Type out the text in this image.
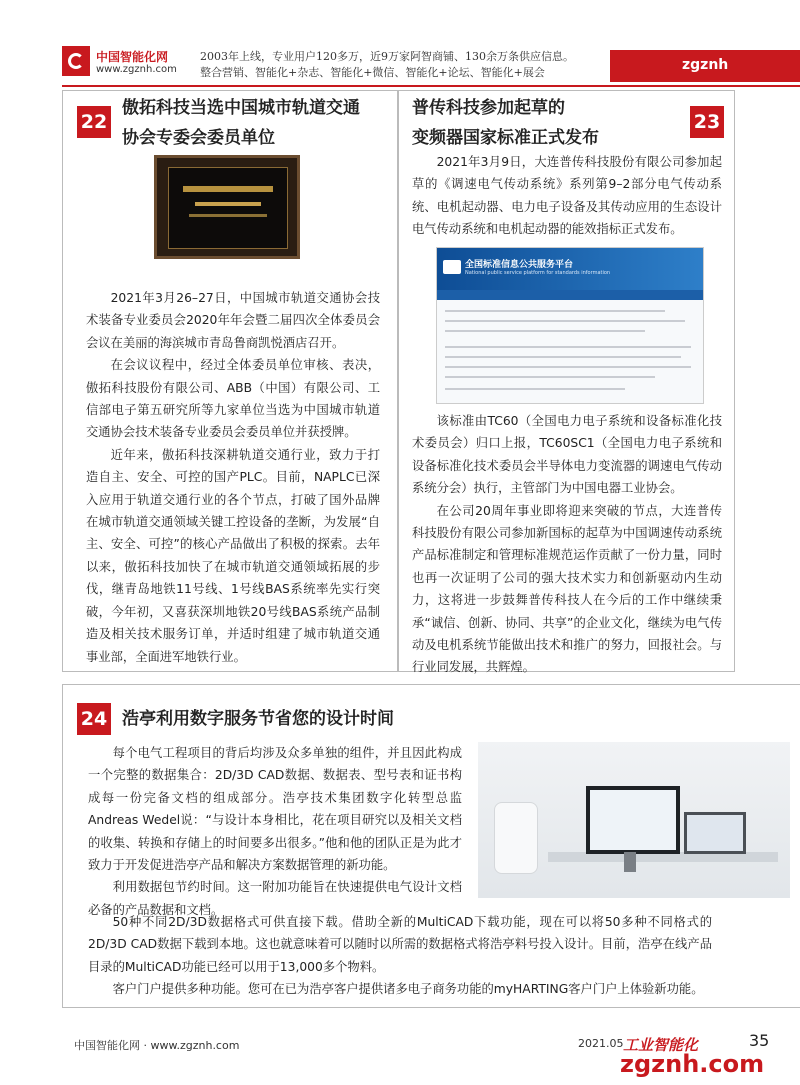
中国智能化网
www.zgznh.com
2003年上线，专业用户120多万，近9万家阿智商铺、130余万条供应信息。
整合营销、智能化+杂志、智能化+微信、智能化+论坛、智能化+展会	zgznh
22
傲拓科技当选中国城市轨道交通
协会专委会委员单位

2021年3月26–27日，中国城市轨道交通协会技术装备专业委员会2020年年会暨二届四次全体委员会会议在美丽的海滨城市青岛鲁商凯悦酒店召开。

在会议议程中，经过全体委员单位审核、表决，傲拓科技股份有限公司、ABB（中国）有限公司、工信部电子第五研究所等九家单位当选为中国城市轨道交通协会技术装备专业委员会委员单位并获授牌。

近年来，傲拓科技深耕轨道交通行业，致力于打造自主、安全、可控的国产PLC。目前，NAPLC已深入应用于轨道交通行业的各个节点，打破了国外品牌在城市轨道交通领域关键工控设备的垄断，为发展“自主、安全、可控”的核心产品做出了积极的探索。去年以来，傲拓科技加快了在城市轨道交通领域拓展的步伐，继青岛地铁11号线、1号线BAS系统率先实行突破，今年初，又喜获深圳地铁20号线BAS系统产品制造及相关技术服务订单，并适时组建了城市轨道交通事业部，全面进军地铁行业。

普传科技参加起草的
变频器国家标准正式发布
23

2021年3月9日，大连普传科技股份有限公司参加起草的《调速电气传动系统》系列第9–2部分电气传动系统、电机起动器、电力电子设备及其传动应用的生态设计 电气传动系统和电机起动器的能效指标正式发布。

全国标准信息公共服务平台
National public service platform for standards information

该标准由TC60（全国电力电子系统和设备标准化技术委员会）归口上报，TC60SC1（全国电力电子系统和设备标准化技术委员会半导体电力变流器的调速电气传动系统分会）执行，主管部门为中国电器工业协会。

在公司20周年事业即将迎来突破的节点，大连普传科技股份有限公司参加新国标的起草为中国调速传动系统产品标准制定和管理标准规范运作贡献了一份力量，同时也再一次证明了公司的强大技术实力和创新驱动内生动力，这将进一步鼓舞普传科技人在今后的工作中继续秉承“诚信、创新、协同、共享”的企业文化，继续为电气传动及电机系统节能做出技术和推广的努力，回报社会。与行业同发展，共辉煌。

24 浩亭利用数字服务节省您的设计时间

每个电气工程项目的背后均涉及众多单独的组件，并且因此构成一个完整的数据集合：2D/3D CAD数据、数据表、型号表和证书构成每一份完备文档的组成部分。浩亭技术集团数字化转型总监Andreas Wedel说：“与设计本身相比，花在项目研究以及相关文档的收集、转换和存储上的时间要多出很多。”他和他的团队正是为此才致力于开发促进浩亭产品和解决方案数据管理的新功能。

利用数据包节约时间。这一附加功能旨在快速提供电气设计文档必备的产品数据和文档。

50种不同2D/3D数据格式可供直接下载。借助全新的MultiCAD下载功能，现在可以将50多种不同格式的2D/3D CAD数据下载到本地。这也就意味着可以随时以所需的数据格式将浩亭料号投入设计。目前，浩亭在线产品目录的MultiCAD功能已经可以用于13,000多个物料。

客户门户提供多种功能。您可在已为浩亭客户提供诸多电子商务功能的myHARTING客户门户上体验新功能。

中国智能化网 · www.zgznh.com	2021.05 工业智能化	35
zgznh.com
